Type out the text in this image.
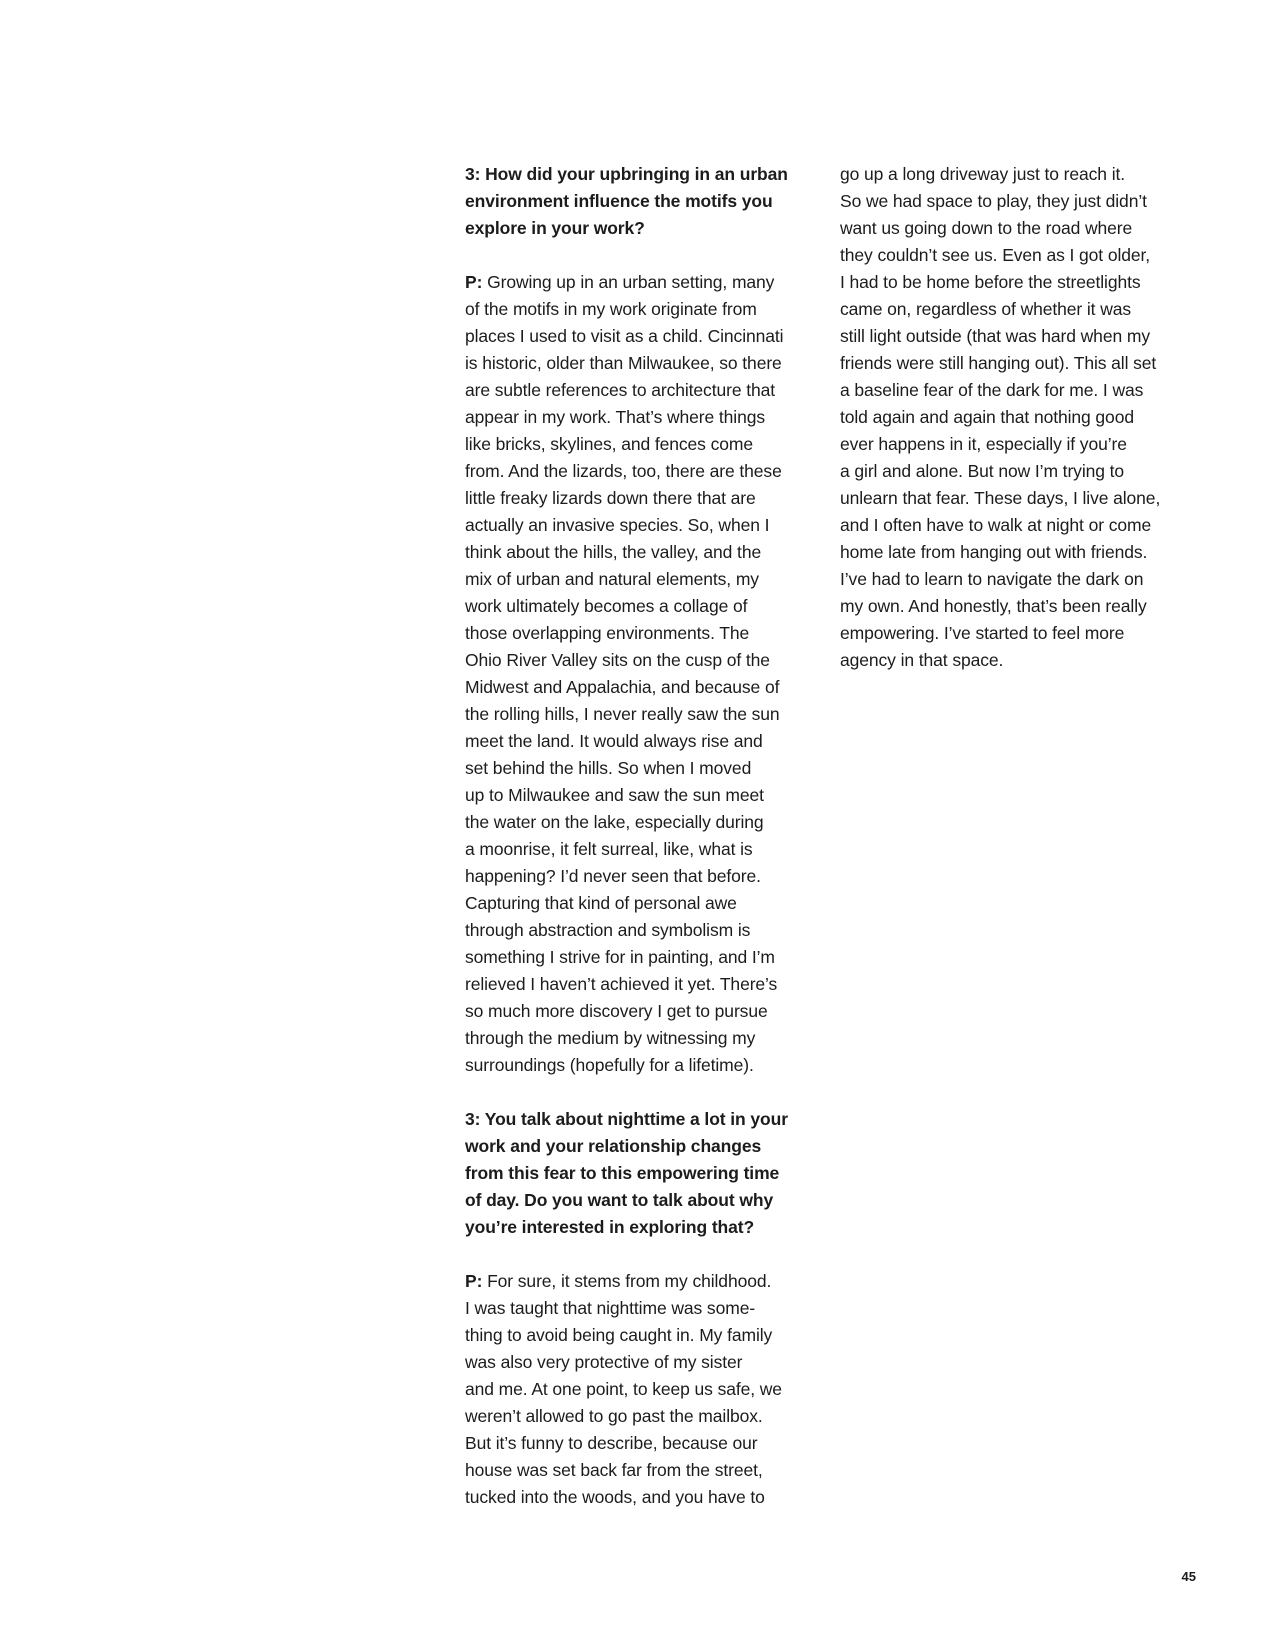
3: How did your upbringing in an urban
environment influence the motifs you
explore in your work?
P: Growing up in an urban setting, many
of the motifs in my work originate from
places I used to visit as a child. Cincinnati
is historic, older than Milwaukee, so there
are subtle references to architecture that
appear in my work. That’s where things
like bricks, skylines, and fences come
from. And the lizards, too, there are these
little freaky lizards down there that are
actually an invasive species. So, when I
think about the hills, the valley, and the
mix of urban and natural elements, my
work ultimately becomes a collage of
those overlapping environments. The
Ohio River Valley sits on the cusp of the
Midwest and Appalachia, and because of
the rolling hills, I never really saw the sun
meet the land. It would always rise and
set behind the hills. So when I moved
up to Milwaukee and saw the sun meet
the water on the lake, especially during
a moonrise, it felt surreal, like, what is
happening? I’d never seen that before.
Capturing that kind of personal awe
through abstraction and symbolism is
something I strive for in painting, and I’m
relieved I haven’t achieved it yet. There’s
so much more discovery I get to pursue
through the medium by witnessing my
surroundings (hopefully for a lifetime).
3: You talk about nighttime a lot in your
work and your relationship changes
from this fear to this empowering time
of day. Do you want to talk about why
you’re interested in exploring that?
P: For sure, it stems from my childhood.
I was taught that nighttime was some-
thing to avoid being caught in. My family
was also very protective of my sister
and me. At one point, to keep us safe, we
weren’t allowed to go past the mailbox.
But it’s funny to describe, because our
house was set back far from the street,
tucked into the woods, and you have to
go up a long driveway just to reach it.
So we had space to play, they just didn’t
want us going down to the road where
they couldn’t see us. Even as I got older,
I had to be home before the streetlights
came on, regardless of whether it was
still light outside (that was hard when my
friends were still hanging out). This all set
a baseline fear of the dark for me. I was
told again and again that nothing good
ever happens in it, especially if you’re
a girl and alone. But now I’m trying to
unlearn that fear. These days, I live alone,
and I often have to walk at night or come
home late from hanging out with friends.
I’ve had to learn to navigate the dark on
my own. And honestly, that’s been really
empowering. I’ve started to feel more
agency in that space.
45
